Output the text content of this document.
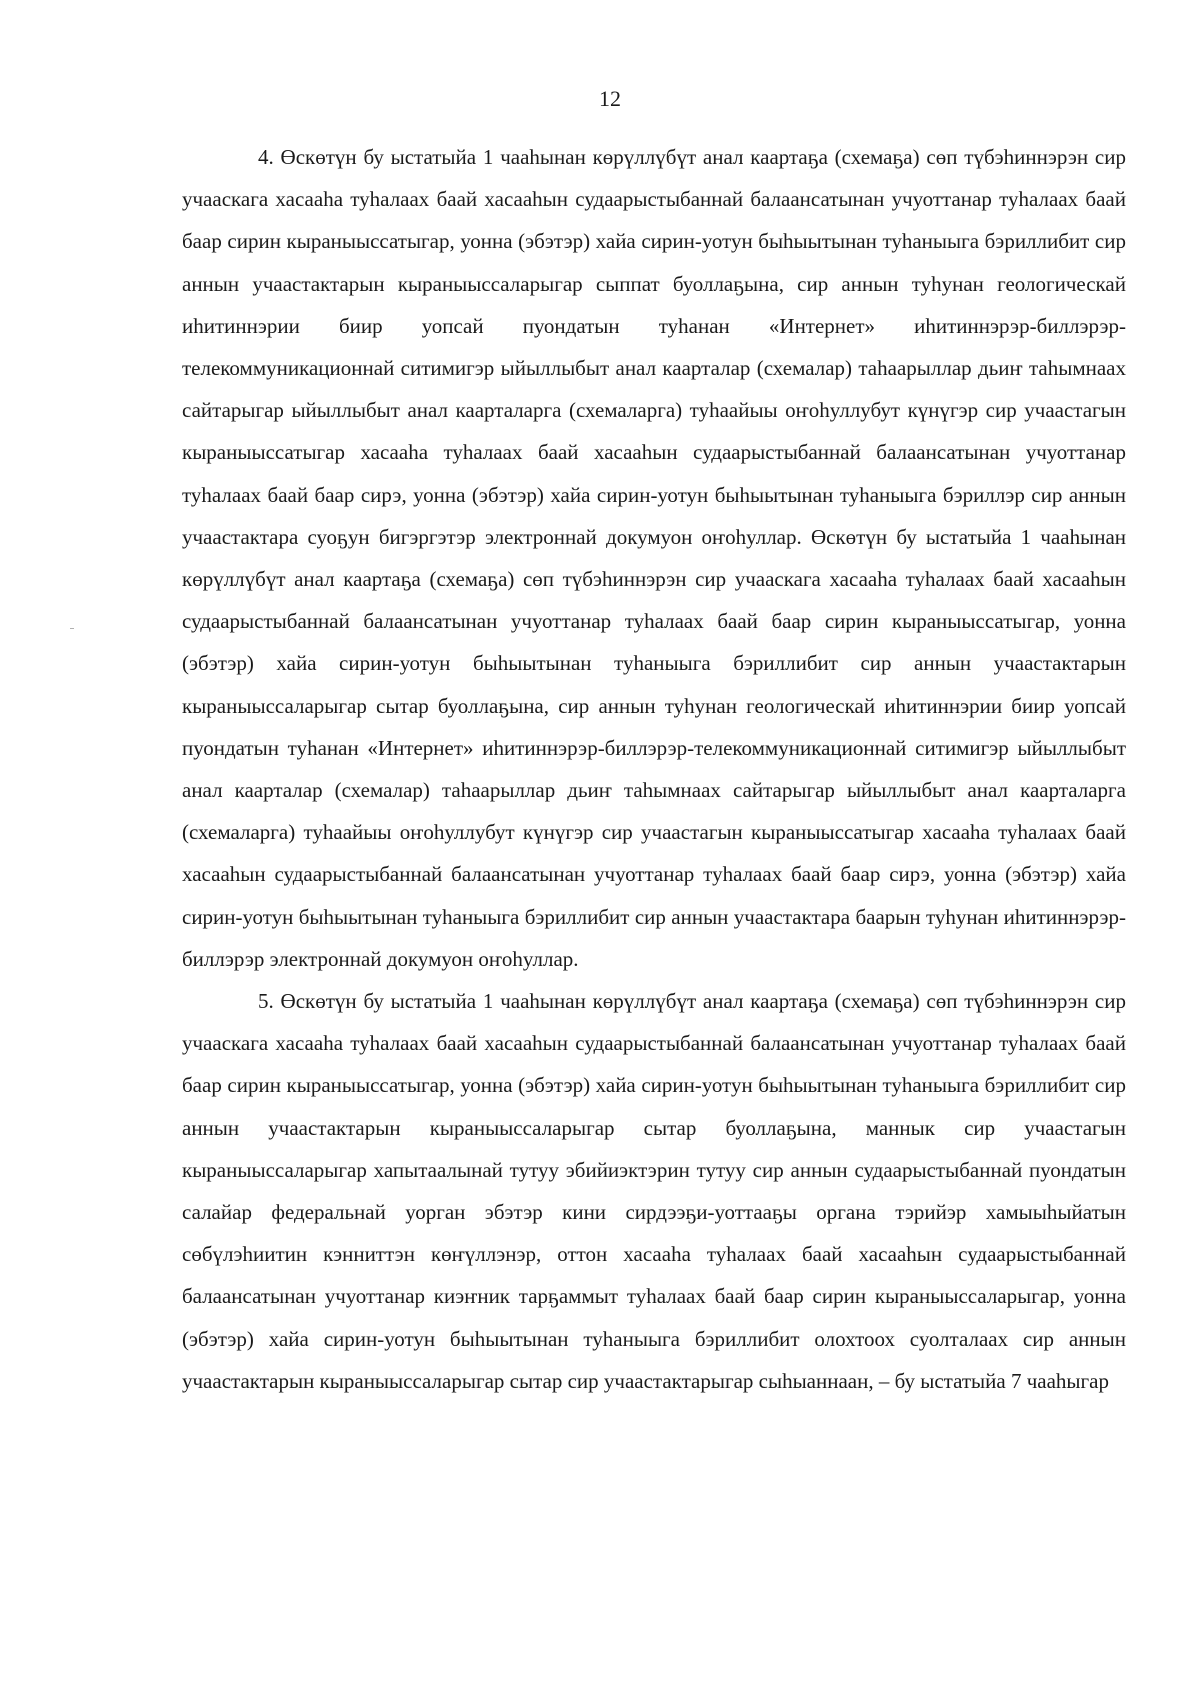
12

4. Өскөтүн бу ыстатыйа 1 чааһынан көрүллүбүт анал каартаҕа (схемаҕа) сөп түбэһиннэрэн сир учааскага хасааһа туһалаах баай хасааһын судаарыстыбаннай балаансатынан учуоттанар туһалаах баай баар сирин кыраныыссатыгар, уонна (эбэтэр) хайа сирин-уотун быһыытынан туһаныыга бэриллибит сир аннын учаастактарын кыраныыссаларыгар сыппат буоллаҕына, сир аннын туһунан геологическай иһитиннэрии биир уопсай пуондатын туһанан «Интернет» иһитиннэрэр-биллэрэр-телекоммуникационнай ситимигэр ыйыллыбыт анал каарталар (схемалар) таһаарыллар дьиҥ таһымнаах сайтарыгар ыйыллыбыт анал каарталарга (схемаларга) туһаайыы оҥоһуллубут күнүгэр сир учаастагын кыраныыссатыгар хасааһа туһалаах баай хасааһын судаарыстыбаннай балаансатынан учуоттанар туһалаах баай баар сирэ, уонна (эбэтэр) хайа сирин-уотун быһыытынан туһаныыга бэриллэр сир аннын учаастактара суоҕун бигэргэтэр электроннай докумуон оҥоһуллар. Өскөтүн бу ыстатыйа 1 чааһынан көрүллүбүт анал каартаҕа (схемаҕа) сөп түбэһиннэрэн сир учааскага хасааһа туһалаах баай хасааһын судаарыстыбаннай балаансатынан учуоттанар туһалаах баай баар сирин кыраныыссатыгар, уонна (эбэтэр) хайа сирин-уотун быһыытынан туһаныыга бэриллибит сир аннын учаастактарын кыраныыссаларыгар сытар буоллаҕына, сир аннын туһунан геологическай иһитиннэрии биир уопсай пуондатын туһанан «Интернет» иһитиннэрэр-биллэрэр-телекоммуникационнай ситимигэр ыйыллыбыт анал каарталар (схемалар) таһаарыллар дьиҥ таһымнаах сайтарыгар ыйыллыбыт анал каарталарга (схемаларга) туһаайыы оҥоһуллубут күнүгэр сир учаастагын кыраныыссатыгар хасааһа туһалаах баай хасааһын судаарыстыбаннай балаансатынан учуоттанар туһалаах баай баар сирэ, уонна (эбэтэр) хайа сирин-уотун быһыытынан туһаныыга бэриллибит сир аннын учаастактара баарын туһунан иһитиннэрэр-биллэрэр электроннай докумуон оҥоһуллар.

5. Өскөтүн бу ыстатыйа 1 чааһынан көрүллүбүт анал каартаҕа (схемаҕа) сөп түбэһиннэрэн сир учааскага хасааһа туһалаах баай хасааһын судаарыстыбаннай балаансатынан учуоттанар туһалаах баай баар сирин кыраныыссатыгар, уонна (эбэтэр) хайа сирин-уотун быһыытынан туһаныыга бэриллибит сир аннын учаастактарын кыраныыссаларыгар сытар буоллаҕына, маннык сир учаастагын кыраныыссаларыгар хапытаалынай тутуу эбийиэктэрин тутуу сир аннын судаарыстыбаннай пуондатын салайар федеральнай уорган эбэтэр кини сирдээҕи-уоттааҕы органа тэрийэр хамыыһыйатын сөбүлэһиитин кэнниттэн көҥүллэнэр, оттон хасааһа туһалаах баай хасааһын судаарыстыбаннай балаансатынан учуоттанар киэҥник тарҕаммыт туһалаах баай баар сирин кыраныыссаларыгар, уонна (эбэтэр) хайа сирин-уотун быһыытынан туһаныыга бэриллибит олохтоох суолталаах сир аннын учаастактарын кыраныыссаларыгар сытар сир учаастактарыгар сыһыаннаан, – бу ыстатыйа 7 чааһыгар
